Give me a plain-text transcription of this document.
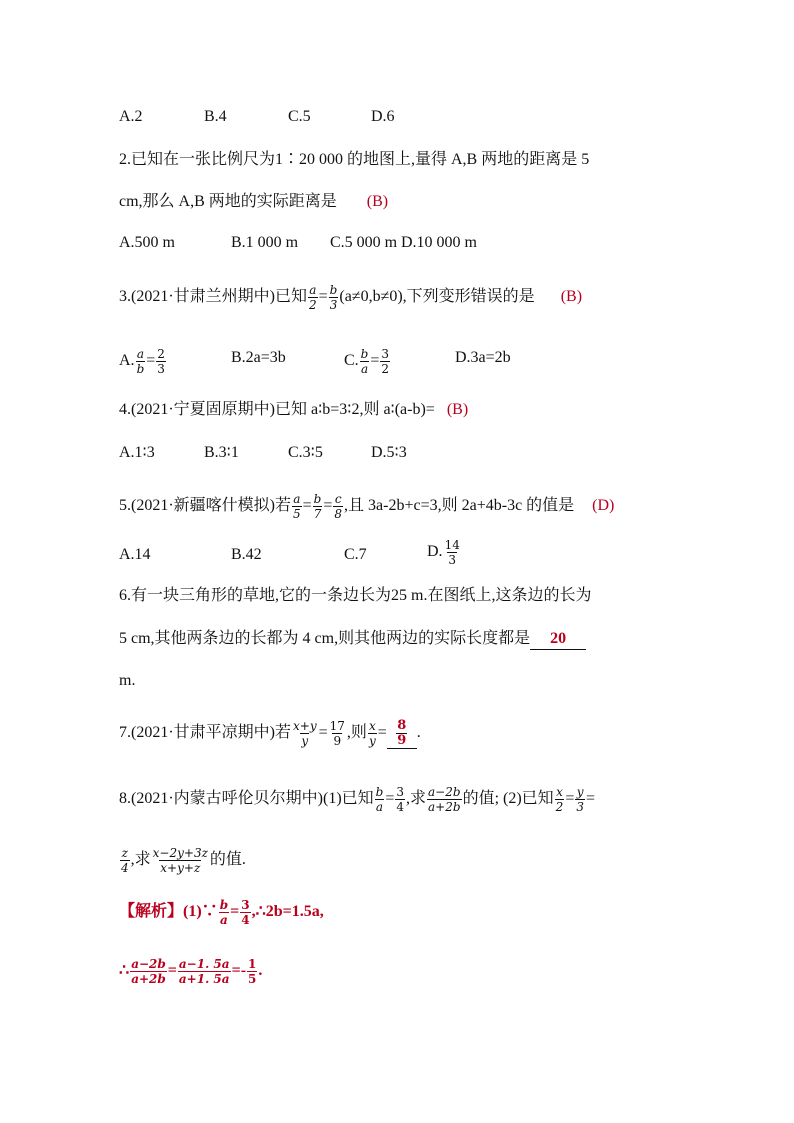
A.2	B.4	C.5	D.6
2.已知在一张比例尺为1∶20 000 的地图上,量得 A,B 两地的距离是 5
cm,那么 A,B 两地的实际距离是 (B)
A.500 m	B.1 000 m C.5 000 m D.10 000 m
3.(2021·甘肃兰州期中)已知 $\frac{a}{2} = \frac{b}{3} (a\ne 0,b\ne 0)$,下列变形错误的是 (B)
A. $\frac{a}{b} = \frac{2}{3}$	B.2a=3b	C. $\frac{b}{a} = \frac{3}{2}$	D.3a=2b
4.(2021·宁夏固原期中)已知 a∶b=3∶2,则 a∶(a-b)= (B)
A.1∶3	B.3∶1	C.3∶5	D.5∶3
5.(2021·新疆喀什模拟)若 $\frac{a}{5} = \frac{b}{7} = \frac{c}{8}$ ,且 3a-2b+c=3,则 2a+4b-3c 的值是 (D)
A.14	B.42	C.7	D. $\frac{14}{3}$
6.有一块三角形的草地,它的一条边长为25 m.在图纸上,这条边的长为
5 cm,其他两条边的长都为 4 cm,则其他两边的实际长度都是 20
m.
7.(2021·甘肃平凉期中)若 $\frac{x+y}{y} = \frac{17}{9}$ ,则 $\frac{x}{y} = \frac{8}{9}$ .
8.(2021·内蒙古呼伦贝尔期中)(1)已知 $\frac{b}{a} = \frac{3}{4}$ ,求 $\frac{a-2b}{a+2b}$ 的值; (2)已知 $\frac{x}{2} = \frac{y}{3}$ =
$\frac{z}{4}$ ,求 $\frac{x-2y+3z}{x+y+z}$ 的值.
【解析】(1)∵ $\frac{b}{a} = \frac{3}{4}$ ,∴2b=1.5a,
∴ $\frac{a-2b}{a+2b} = \frac{a-1. 5a}{a+1. 5a} =- \frac{1}{5}$ .
